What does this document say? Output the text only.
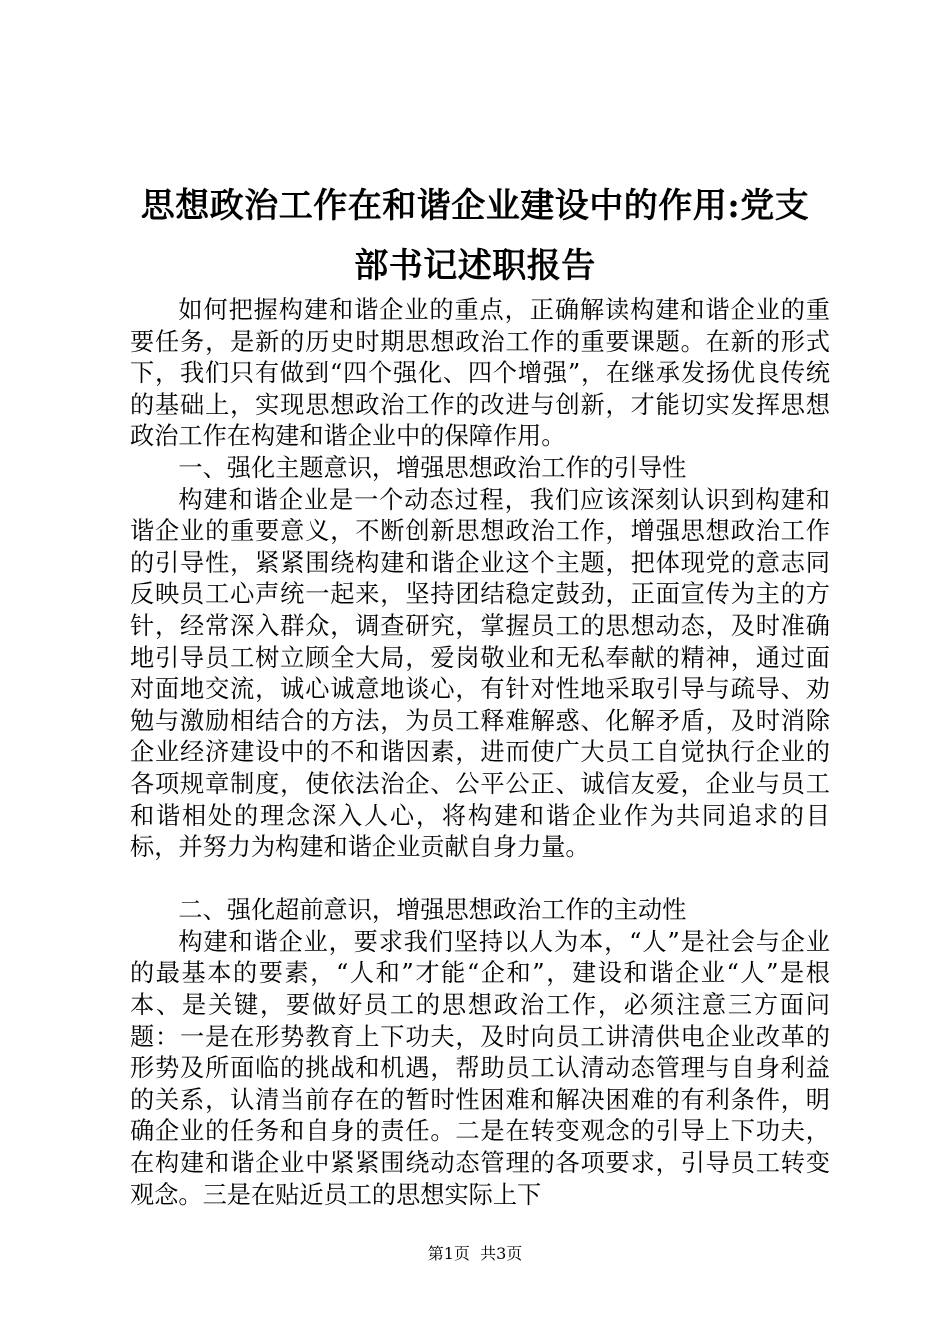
思想政治工作在和谐企业建设中的作用:党支
部书记述职报告

如何把握构建和谐企业的重点，正确解读构建和谐企业的重要任务，是新的历史时期思想政治工作的重要课题。在新的形式下，我们只有做到“四个强化、四个增强”，在继承发扬优良传统的基础上，实现思想政治工作的改进与创新，才能切实发挥思想政治工作在构建和谐企业中的保障作用。

一、强化主题意识，增强思想政治工作的引导性

构建和谐企业是一个动态过程，我们应该深刻认识到构建和谐企业的重要意义，不断创新思想政治工作，增强思想政治工作的引导性，紧紧围绕构建和谐企业这个主题，把体现党的意志同反映员工心声统一起来，坚持团结稳定鼓劲，正面宣传为主的方针，经常深入群众，调查研究，掌握员工的思想动态，及时准确地引导员工树立顾全大局，爱岗敬业和无私奉献的精神，通过面对面地交流，诚心诚意地谈心，有针对性地采取引导与疏导、劝勉与激励相结合的方法，为员工释难解惑、化解矛盾，及时消除企业经济建设中的不和谐因素，进而使广大员工自觉执行企业的各项规章制度，使依法治企、公平公正、诚信友爱，企业与员工和谐相处的理念深入人心，将构建和谐企业作为共同追求的目标，并努力为构建和谐企业贡献自身力量。

二、强化超前意识，增强思想政治工作的主动性

构建和谐企业，要求我们坚持以人为本，“人”是社会与企业的最基本的要素，“人和”才能“企和”，建设和谐企业“人”是根本、是关键，要做好员工的思想政治工作，必须注意三方面问题：一是在形势教育上下功夫，及时向员工讲清供电企业改革的形势及所面临的挑战和机遇，帮助员工认清动态管理与自身利益的关系，认清当前存在的暂时性困难和解决困难的有利条件，明确企业的任务和自身的责任。二是在转变观念的引导上下功夫，在构建和谐企业中紧紧围绕动态管理的各项要求，引导员工转变观念。三是在贴近员工的思想实际上下

第1页 共3页
